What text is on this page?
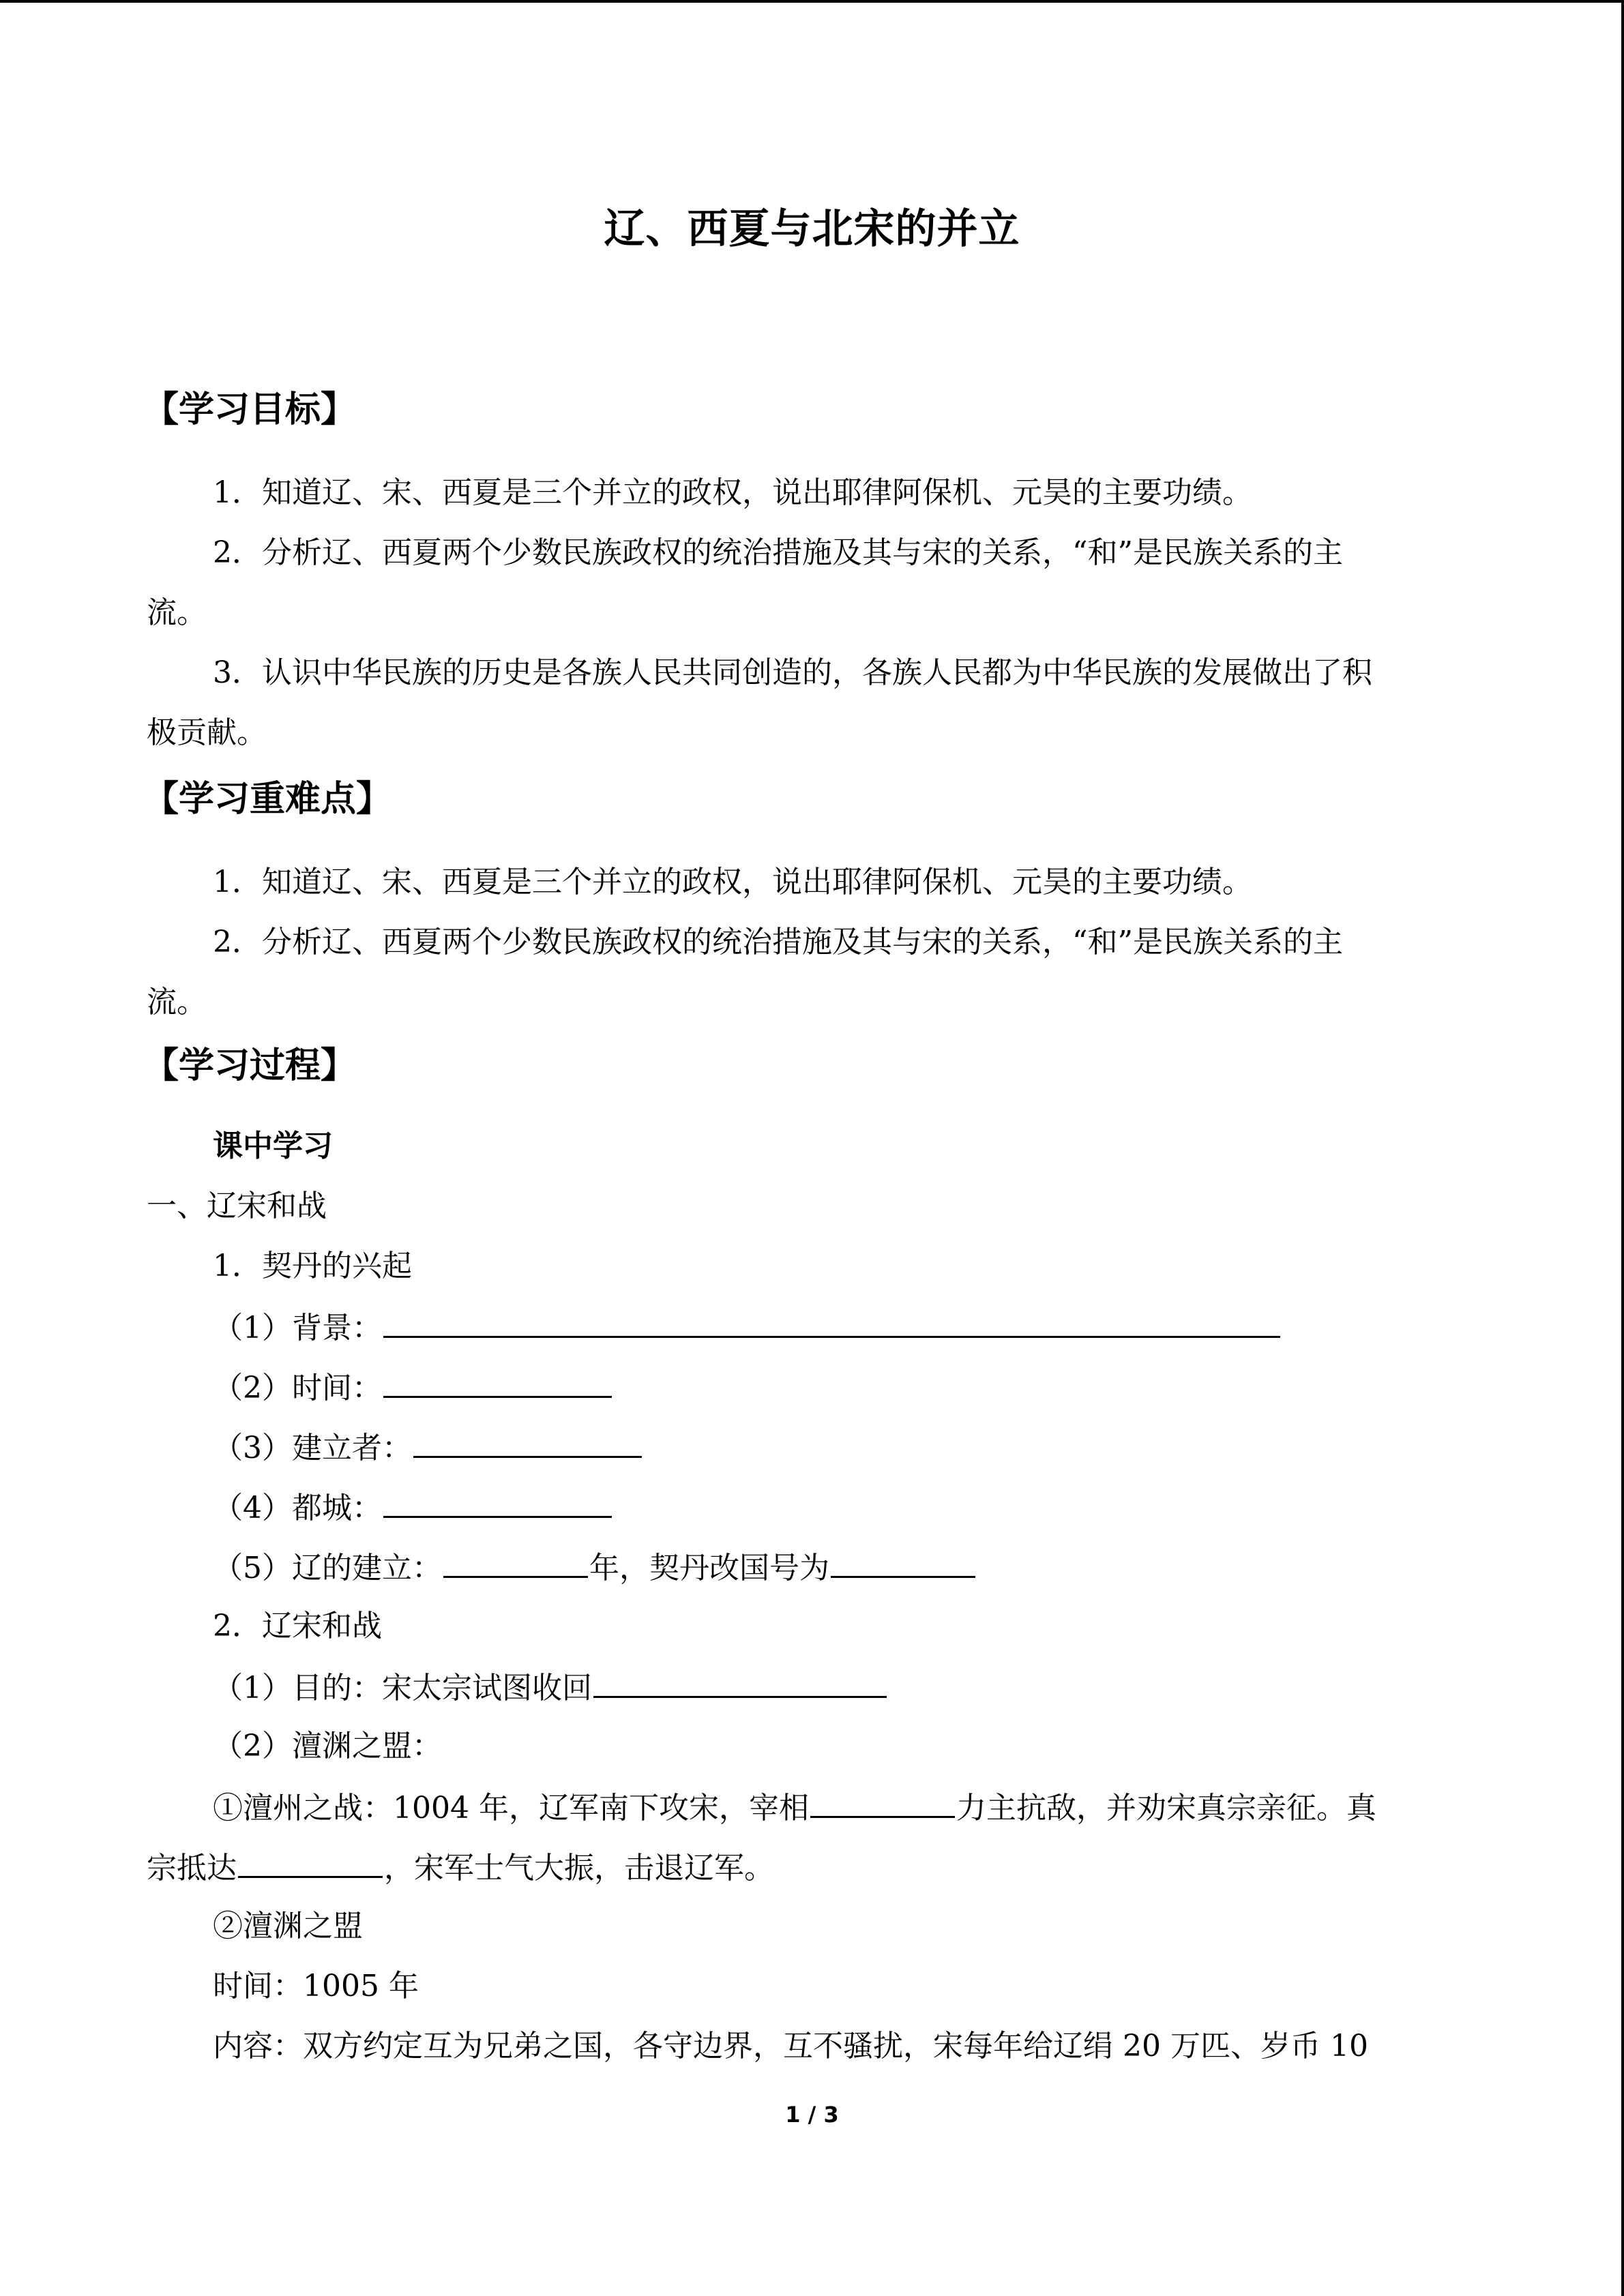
辽、西夏与北宋的并立
【学习目标】
1．知道辽、宋、西夏是三个并立的政权，说出耶律阿保机、元昊的主要功绩。
2．分析辽、西夏两个少数民族政权的统治措施及其与宋的关系，“和”是民族关系的主
流。
3．认识中华民族的历史是各族人民共同创造的，各族人民都为中华民族的发展做出了积
极贡献。
【学习重难点】
1．知道辽、宋、西夏是三个并立的政权，说出耶律阿保机、元昊的主要功绩。
2．分析辽、西夏两个少数民族政权的统治措施及其与宋的关系，“和”是民族关系的主
流。
【学习过程】
课中学习
一、辽宋和战
1．契丹的兴起
（1）背景：
（2）时间：
（3）建立者：
（4）都城：
（5）辽的建立：	年，契丹改国号为
2．辽宋和战
（1）目的：宋太宗试图收回
（2）澶渊之盟：
①澶州之战：1004 年，辽军南下攻宋，宰相	力主抗敌，并劝宋真宗亲征。真
宗抵达	，宋军士气大振，击退辽军。
②澶渊之盟
时间：1005 年
内容：双方约定互为兄弟之国，各守边界，互不骚扰，宋每年给辽绢 20 万匹、岁币 10
1 / 3
